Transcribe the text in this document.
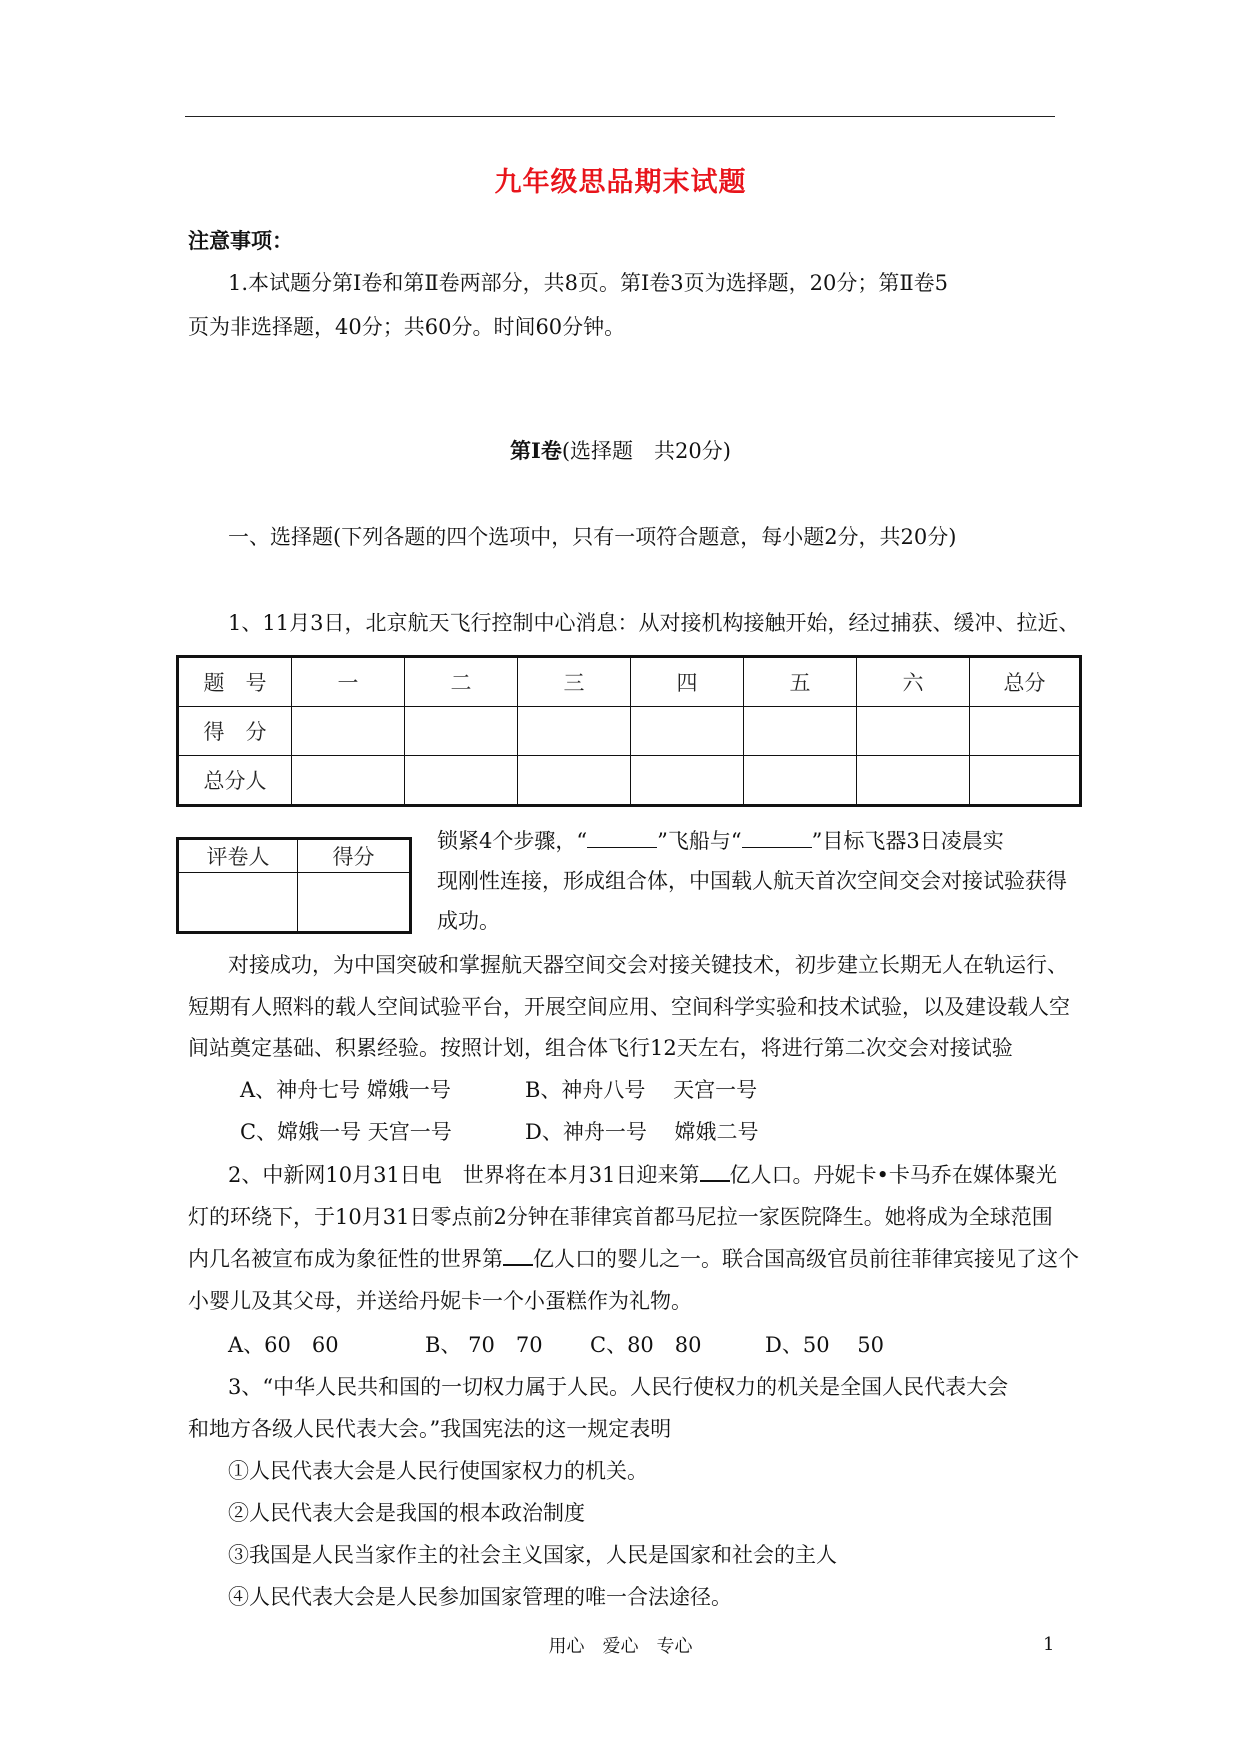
九年级思品期末试题
注意事项：
1.本试题分第Ⅰ卷和第Ⅱ卷两部分，共8页。第Ⅰ卷3页为选择题，20分；第Ⅱ卷5
页为非选择题，40分；共60分。时间60分钟。
第Ⅰ卷(选择题　共20分)
一、选择题(下列各题的四个选项中，只有一项符合题意，每小题2分，共20分)
1、11月3日，北京航天飞行控制中心消息：从对接机构接触开始，经过捕获、缓冲、拉近、
题　号	一	二	三	四	五	六	总分
得　分							
总分人							
评卷人	得分

锁紧4个步骤，“	”飞船与“	”目标飞器3日凌晨实
现刚性连接，形成组合体，中国载人航天首次空间交会对接试验获得
成功。
对接成功，为中国突破和掌握航天器空间交会对接关键技术，初步建立长期无人在轨运行、
短期有人照料的载人空间试验平台，开展空间应用、空间科学实验和技术试验，以及建设载人空
间站奠定基础、积累经验。按照计划，组合体飞行12天左右，将进行第二次交会对接试验
A、神舟七号 嫦娥一号	B、神舟八号　 天宫一号
C、嫦娥一号 天宫一号	D、神舟一号　 嫦娥二号
2、中新网10月31日电　世界将在本月31日迎来第 亿人口。丹妮卡•卡马乔在媒体聚光
灯的环绕下，于10月31日零点前2分钟在菲律宾首都马尼拉一家医院降生。她将成为全球范围
内几名被宣布成为象征性的世界第 亿人口的婴儿之一。联合国高级官员前往菲律宾接见了这个
小婴儿及其父母，并送给丹妮卡一个小蛋糕作为礼物。
A、60　60	B、 70　70 C、80　80	D、50　 50
3、“中华人民共和国的一切权力属于人民。人民行使权力的机关是全国人民代表大会
和地方各级人民代表大会。”我国宪法的这一规定表明
①人民代表大会是人民行使国家权力的机关。
②人民代表大会是我国的根本政治制度
③我国是人民当家作主的社会主义国家，人民是国家和社会的主人
④人民代表大会是人民参加国家管理的唯一合法途径。
用心　爱心　专心	1
